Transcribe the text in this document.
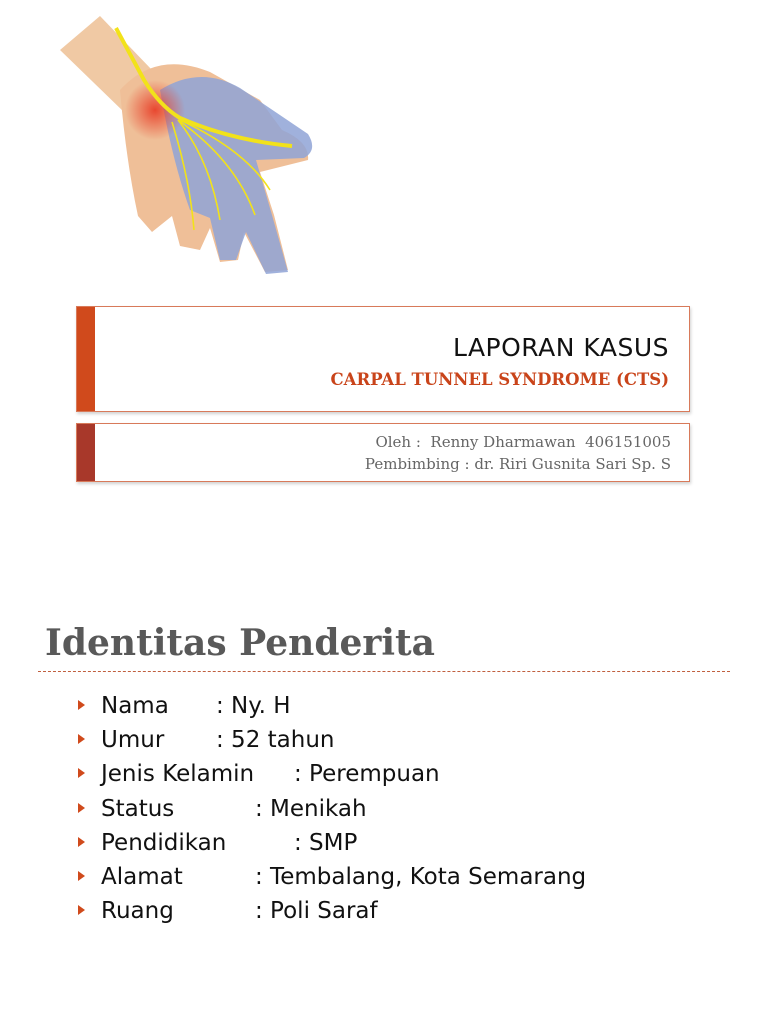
LAPORAN KASUS
CARPAL TUNNEL SYNDROME (CTS)
Oleh :  Renny Dharmawan  406151005
Pembimbing : dr. Riri Gusnita Sari Sp. S
Identitas Penderita
Nama : Ny. H
Umur : 52 tahun
Jenis Kelamin : Perempuan
Status	: Menikah
Pendidikan	: SMP
Alamat	: Tembalang, Kota Semarang
Ruang	: Poli Saraf
